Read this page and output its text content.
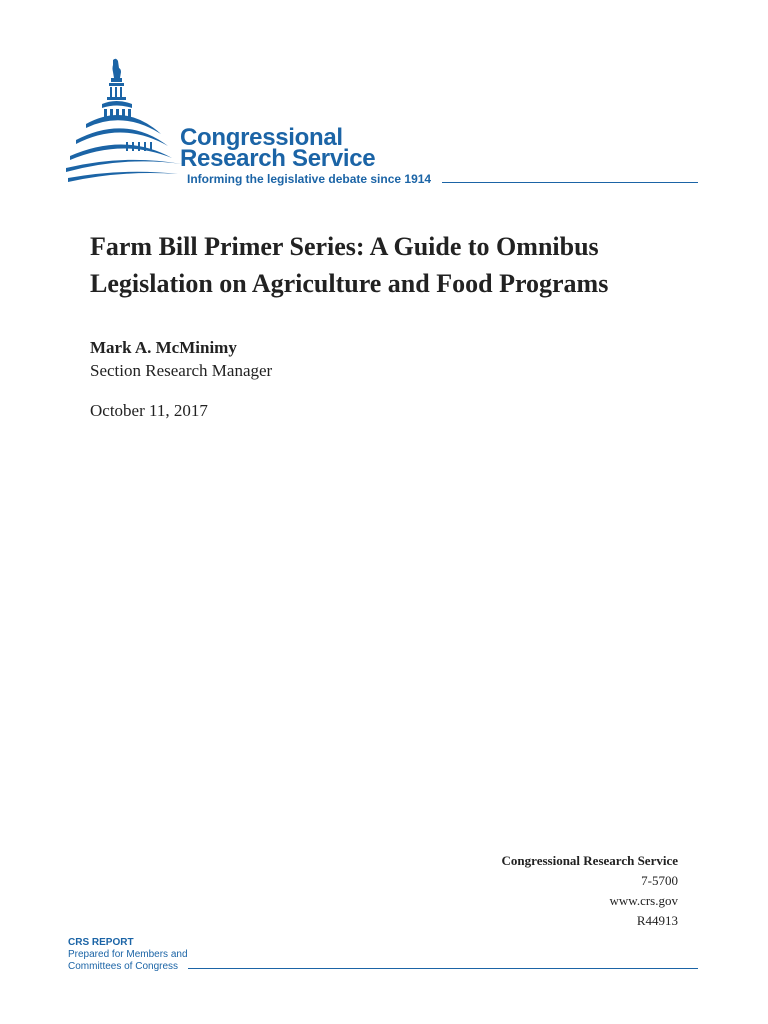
Congressional
Research Service
Informing the legislative debate since 1914
Farm Bill Primer Series: A Guide to Omnibus Legislation on Agriculture and Food Programs
Mark A. McMinimy
Section Research Manager
October 11, 2017
Congressional Research Service
7-5700
www.crs.gov
R44913
CRS REPORT
Prepared for Members and
Committees of Congress
